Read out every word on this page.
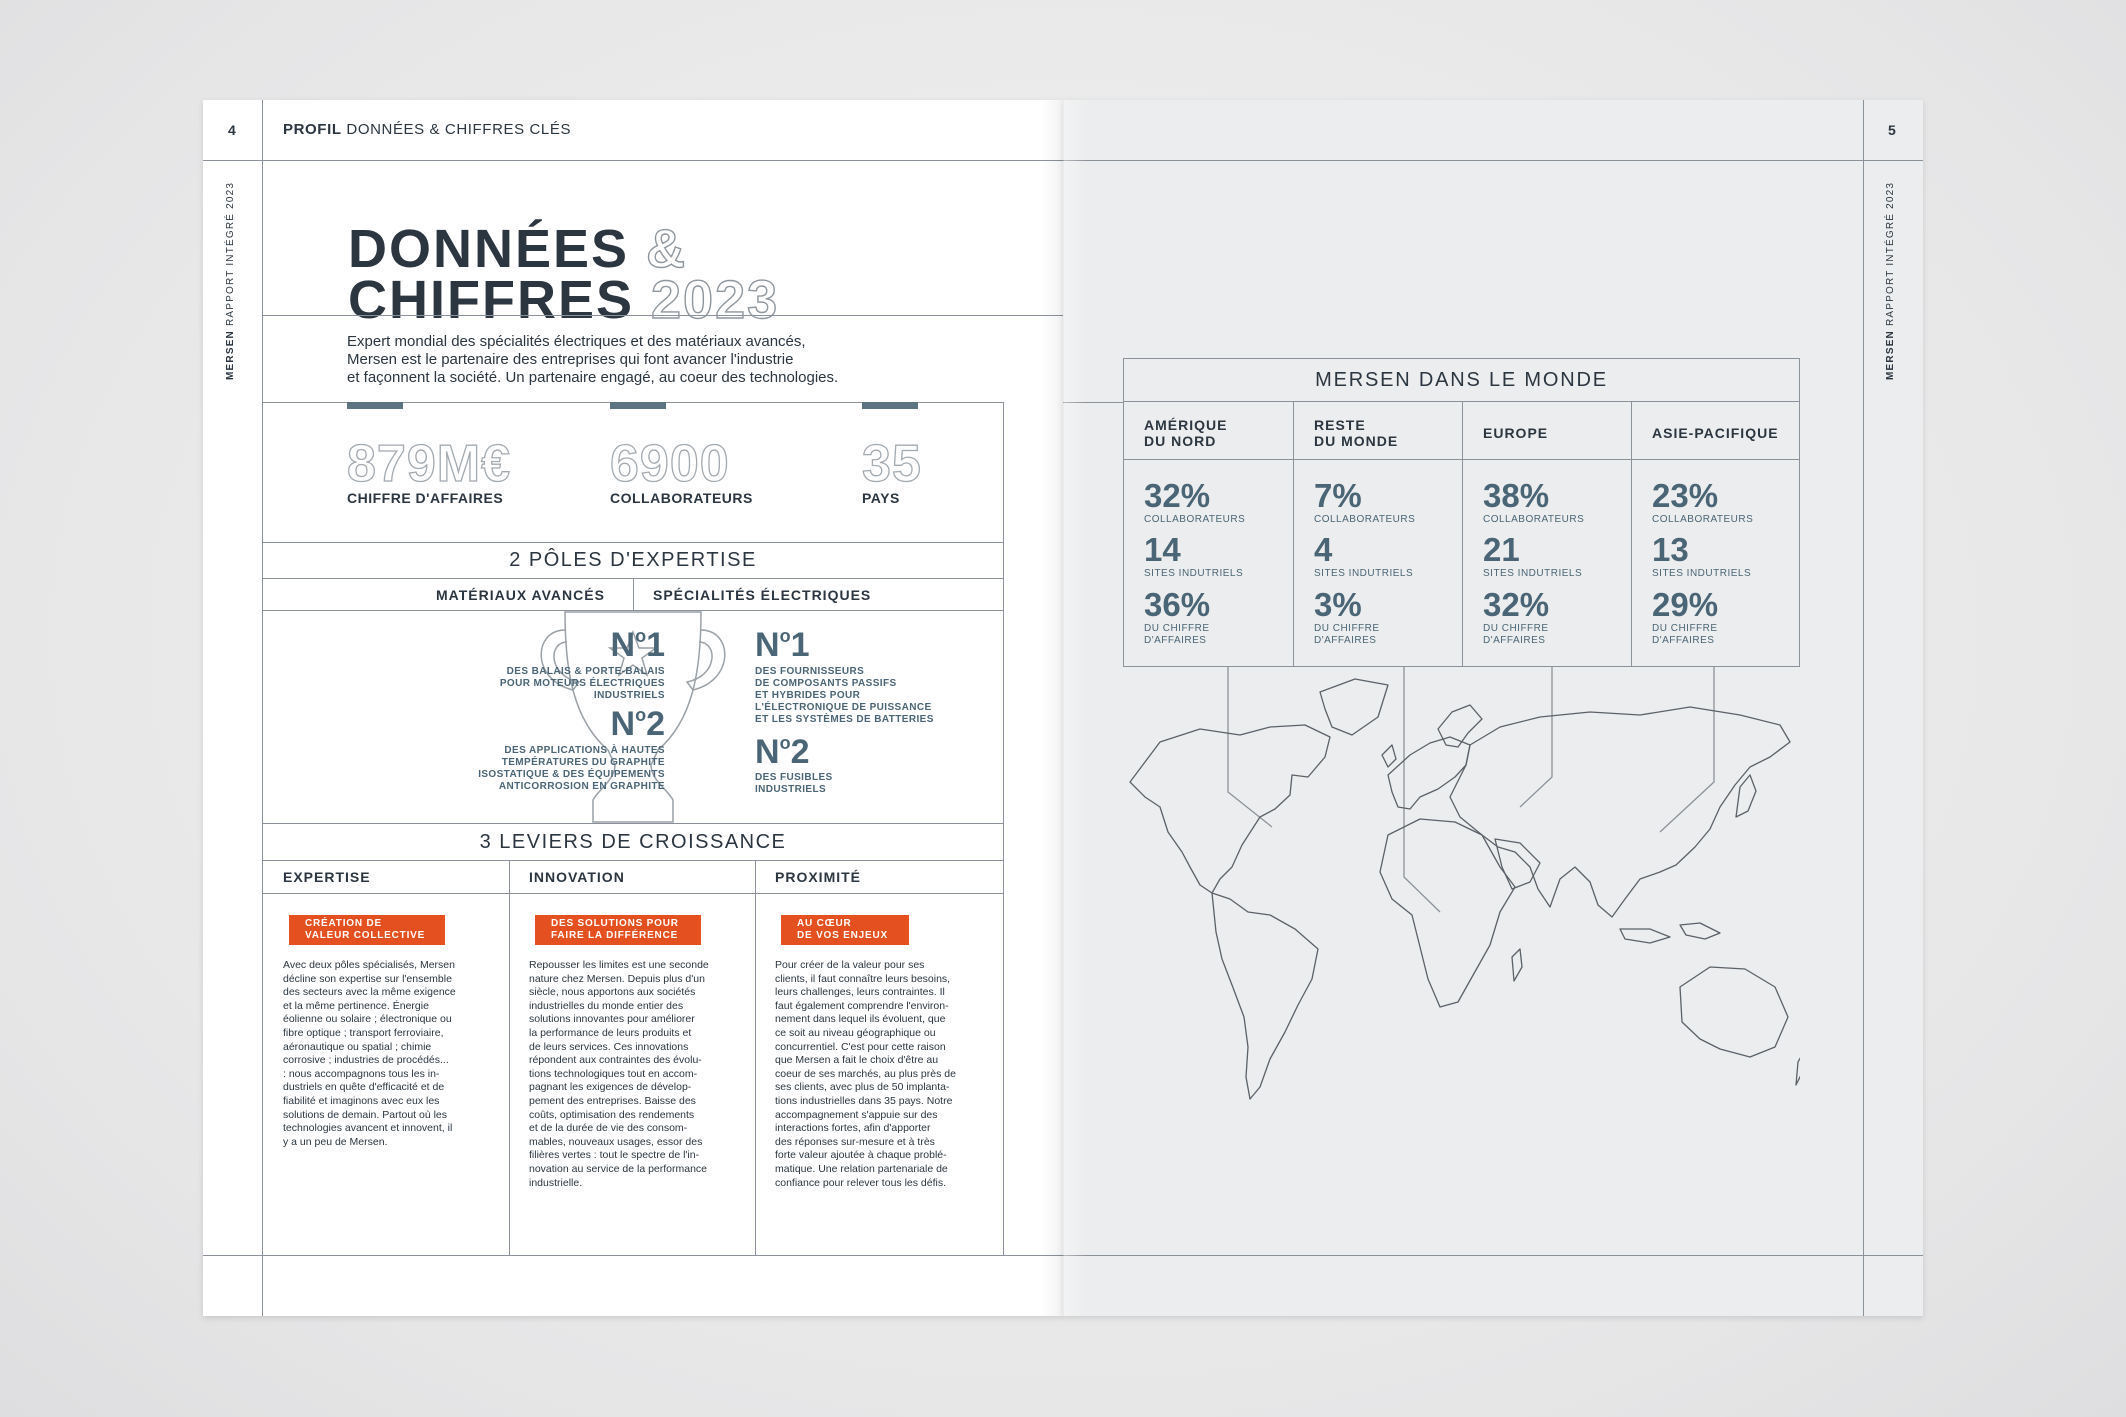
4
MERSEN RAPPORT INTÉGRÉ 2023
PROFIL DONNÉES & CHIFFRES CLÉS
DONNÉES &
CHIFFRES 2023
Expert mondial des spécialités électriques et des matériaux avancés,
Mersen est le partenaire des entreprises qui font avancer l'industrie
et façonnent la société. Un partenaire engagé, au coeur des technologies.
879M€
CHIFFRE D'AFFAIRES
6900
COLLABORATEURS
35
PAYS
2 PÔLES D'EXPERTISE
MATÉRIAUX AVANCÉS	SPÉCIALITÉS ÉLECTRIQUES
$N^o1$
DES BALAIS & PORTE-BALAIS
POUR MOTEURS ÉLECTRIQUES
INDUSTRIELS
$N^o2$
DES APPLICATIONS À HAUTES
TEMPÉRATURES DU GRAPHITE
ISOSTATIQUE & DES ÉQUIPEMENTS
ANTICORROSION EN GRAPHITE
$N^o1$
DES FOURNISSEURS
DE COMPOSANTS PASSIFS
ET HYBRIDES POUR
L'ÉLECTRONIQUE DE PUISSANCE
ET LES SYSTÈMES DE BATTERIES
$N^o2$
DES FUSIBLES
INDUSTRIELS
3 LEVIERS DE CROISSANCE
EXPERTISE
CRÉATION DE
VALEUR COLLECTIVE
Avec deux pôles spécialisés, Mersen
décline son expertise sur l'ensemble
des secteurs avec la même exigence
et la même pertinence. Énergie
éolienne ou solaire ; électronique ou
fibre optique ; transport ferroviaire,
aéronautique ou spatial ; chimie
corrosive ; industries de procédés...
: nous accompagnons tous les in-
dustriels en quête d'efficacité et de
fiabilité et imaginons avec eux les
solutions de demain. Partout où les
technologies avancent et innovent, il
y a un peu de Mersen.
INNOVATION
DES SOLUTIONS POUR
FAIRE LA DIFFÉRENCE
Repousser les limites est une seconde
nature chez Mersen. Depuis plus d'un
siècle, nous apportons aux sociétés
industrielles du monde entier des
solutions innovantes pour améliorer
la performance de leurs produits et
de leurs services. Ces innovations
répondent aux contraintes des évolu-
tions technologiques tout en accom-
pagnant les exigences de dévelop-
pement des entreprises. Baisse des
coûts, optimisation des rendements
et de la durée de vie des consom-
mables, nouveaux usages, essor des
filières vertes : tout le spectre de l'in-
novation au service de la performance
industrielle.
PROXIMITÉ
AU CŒUR
DE VOS ENJEUX
Pour créer de la valeur pour ses
clients, il faut connaître leurs besoins,
leurs challenges, leurs contraintes. Il
faut également comprendre l'environ-
nement dans lequel ils évoluent, que
ce soit au niveau géographique ou
concurrentiel. C'est pour cette raison
que Mersen a fait le choix d'être au
coeur de ses marchés, au plus près de
ses clients, avec plus de 50 implanta-
tions industrielles dans 35 pays. Notre
accompagnement s'appuie sur des
interactions fortes, afin d'apporter
des réponses sur-mesure et à très
forte valeur ajoutée à chaque problé-
matique. Une relation partenariale de
confiance pour relever tous les défis.
5
MERSEN RAPPORT INTÉGRÉ 2023
MERSEN DANS LE MONDE
AMÉRIQUE
DU NORD
32%
COLLABORATEURS
14
SITES INDUTRIELS
36%
DU CHIFFRE
D'AFFAIRES
RESTE
DU MONDE
7%
COLLABORATEURS
4
SITES INDUTRIELS
3%
DU CHIFFRE
D'AFFAIRES
EUROPE
38%
COLLABORATEURS
21
SITES INDUTRIELS
32%
DU CHIFFRE
D'AFFAIRES
ASIE-PACIFIQUE
23%
COLLABORATEURS
13
SITES INDUTRIELS
29%
DU CHIFFRE
D'AFFAIRES
